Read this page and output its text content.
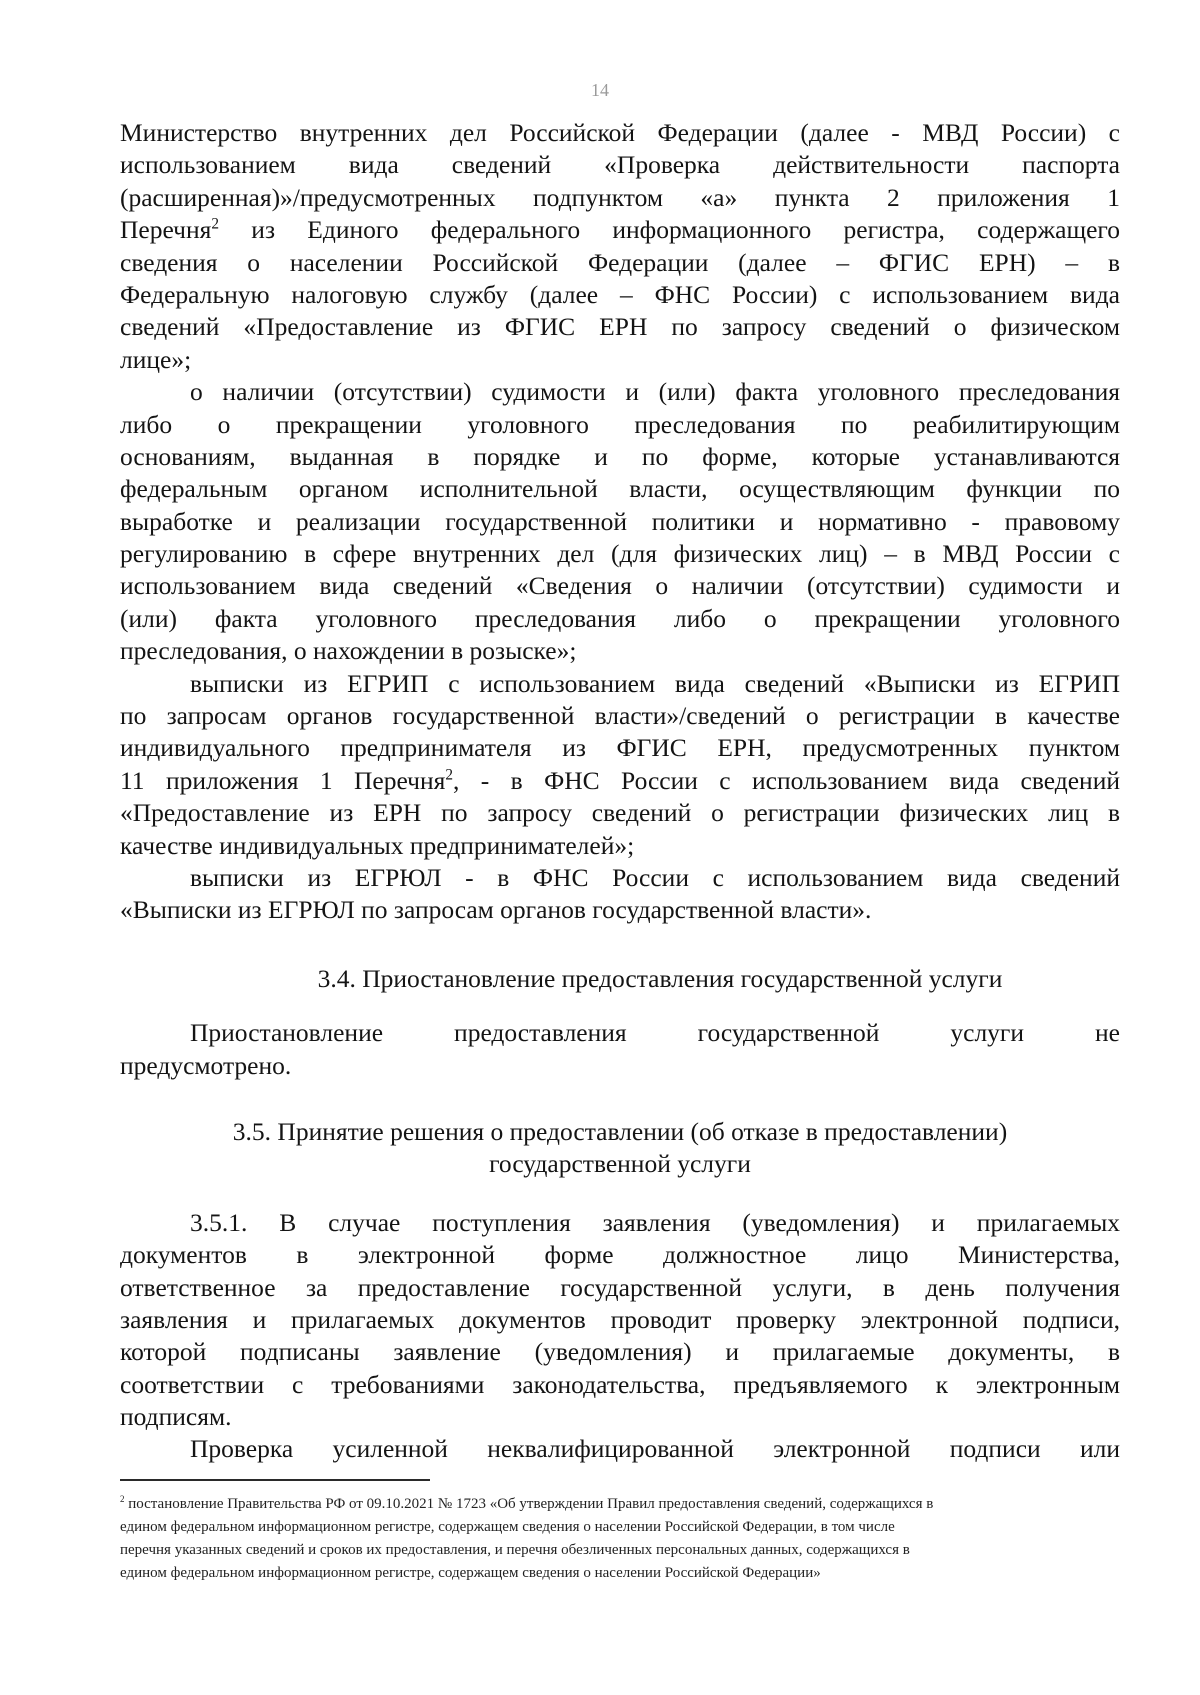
14
Министерство внутренних дел Российской Федерации (далее - МВД России) с
использованием вида сведений «Проверка действительности паспорта
(расширенная)»/предусмотренных подпунктом «а» пункта 2 приложения 1
Перечня$^2$ из Единого федерального информационного регистра, содержащего
сведения о населении Российской Федерации (далее – ФГИС ЕРН) – в
Федеральную налоговую службу (далее – ФНС России) с использованием вида
сведений «Предоставление из ФГИС ЕРН по запросу сведений о физическом
лице»;
о наличии (отсутствии) судимости и (или) факта уголовного преследования
либо о прекращении уголовного преследования по реабилитирующим
основаниям, выданная в порядке и по форме, которые устанавливаются
федеральным органом исполнительной власти, осуществляющим функции по
выработке и реализации государственной политики и нормативно - правовому
регулированию в сфере внутренних дел (для физических лиц) – в МВД России с
использованием вида сведений «Сведения о наличии (отсутствии) судимости и
(или) факта уголовного преследования либо о прекращении уголовного
преследования, о нахождении в розыске»;
выписки из ЕГРИП с использованием вида сведений «Выписки из ЕГРИП
по запросам органов государственной власти»/сведений о регистрации в качестве
индивидуального предпринимателя из ФГИС ЕРН, предусмотренных пунктом
11 приложения 1 Перечня$^2$, - в ФНС России с использованием вида сведений
«Предоставление из ЕРН по запросу сведений о регистрации физических лиц в
качестве индивидуальных предпринимателей»;
выписки из ЕГРЮЛ - в ФНС России с использованием вида сведений
«Выписки из ЕГРЮЛ по запросам органов государственной власти».
3.4. Приостановление предоставления государственной услуги
Приостановление предоставления государственной услуги не
предусмотрено.
3.5. Принятие решения о предоставлении (об отказе в предоставлении)
государственной услуги
3.5.1. В случае поступления заявления (уведомления) и прилагаемых
документов в электронной форме должностное лицо Министерства,
ответственное за предоставление государственной услуги, в день получения
заявления и прилагаемых документов проводит проверку электронной подписи,
которой подписаны заявление (уведомления) и прилагаемые документы, в
соответствии с требованиями законодательства, предъявляемого к электронным
подписям.
Проверка усиленной неквалифицированной электронной подписи или
$^2$ постановление Правительства РФ от 09.10.2021 № 1723 «Об утверждении Правил предоставления сведений, содержащихся в
едином федеральном информационном регистре, содержащем сведения о населении Российской Федерации, в том числе
перечня указанных сведений и сроков их предоставления, и перечня обезличенных персональных данных, содержащихся в
едином федеральном информационном регистре, содержащем сведения о населении Российской Федерации»
